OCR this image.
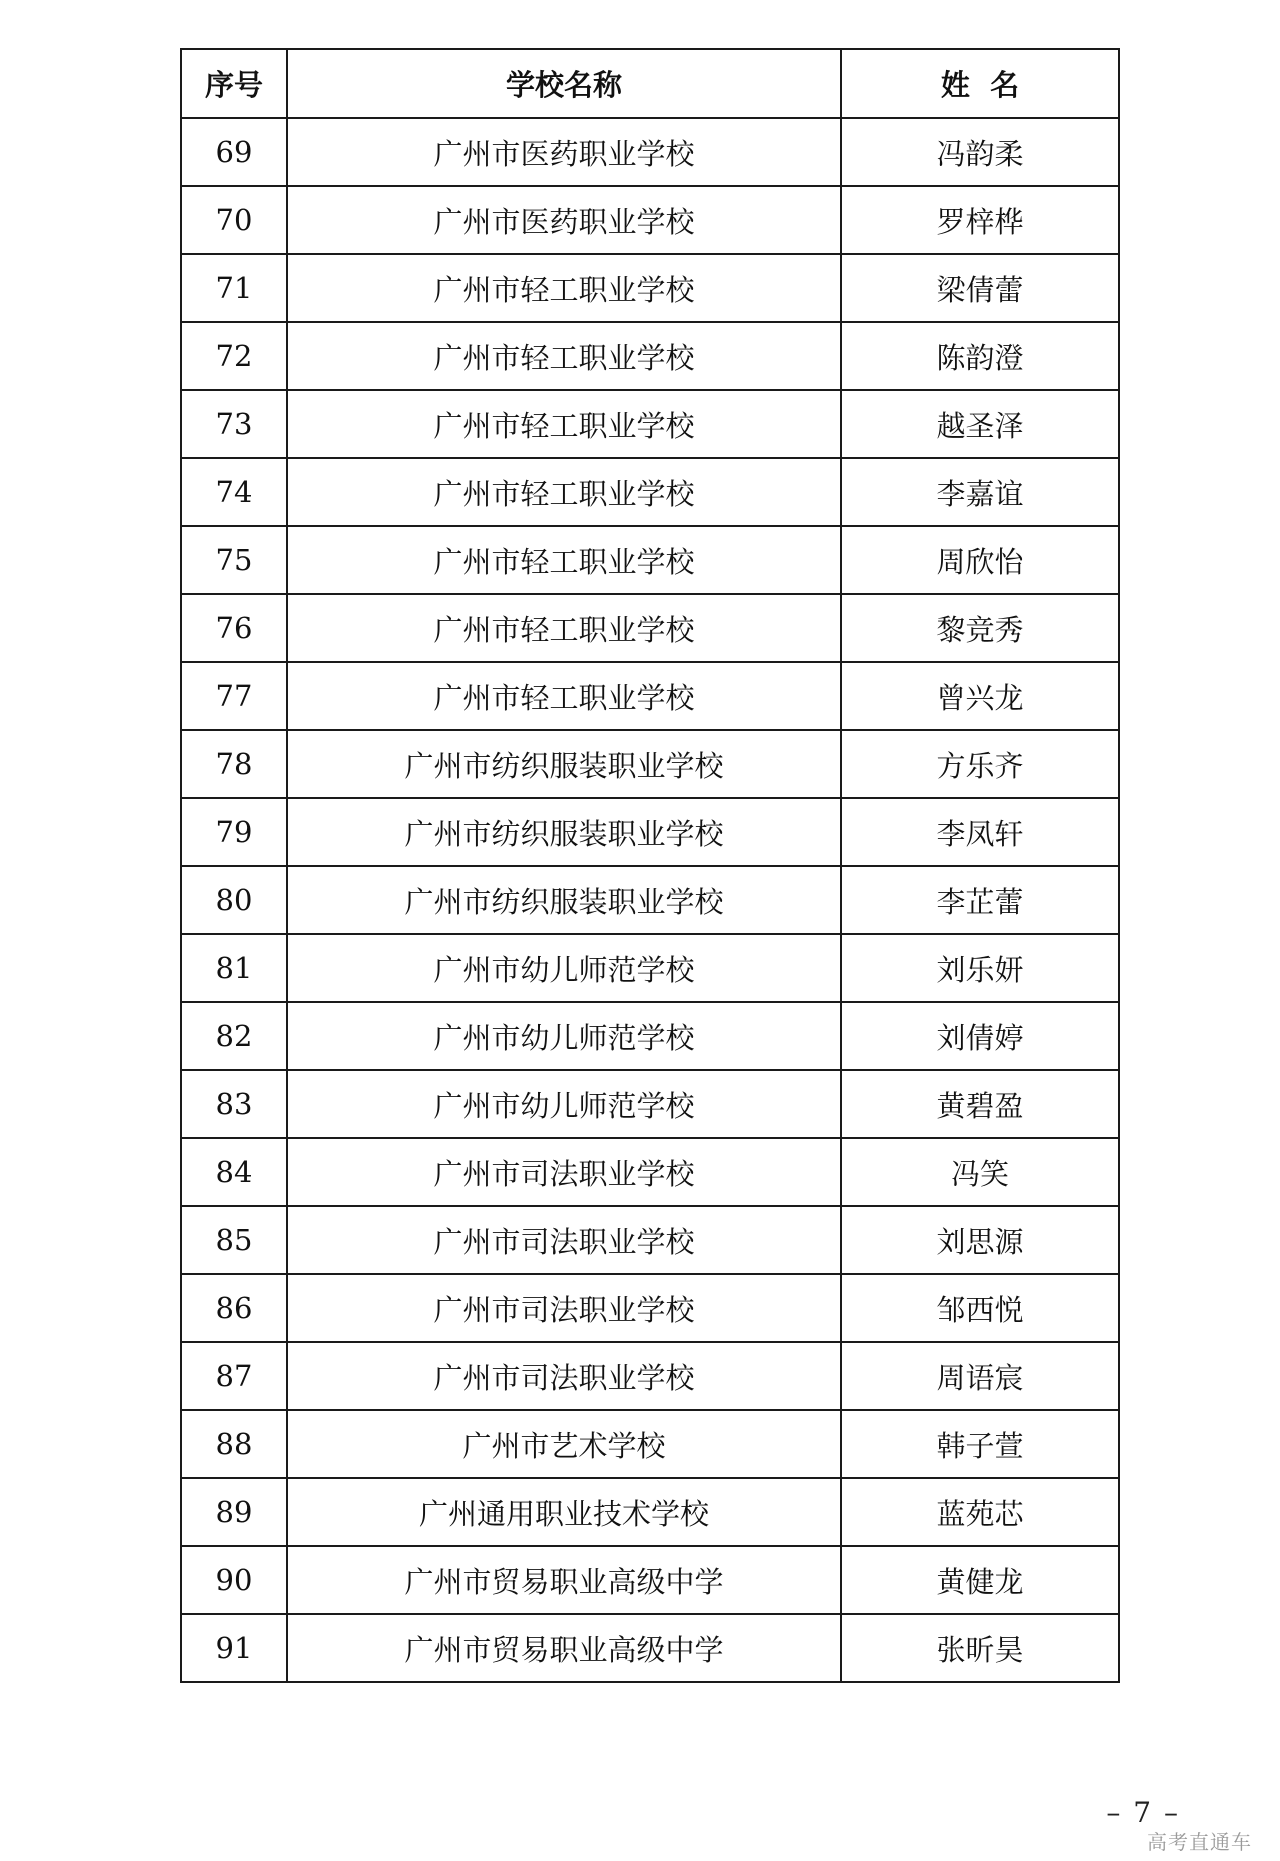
序号	学校名称	姓  名
69	广州市医药职业学校	冯韵柔
70	广州市医药职业学校	罗梓桦
71	广州市轻工职业学校	梁倩蕾
72	广州市轻工职业学校	陈韵澄
73	广州市轻工职业学校	越圣泽
74	广州市轻工职业学校	李嘉谊
75	广州市轻工职业学校	周欣怡
76	广州市轻工职业学校	黎竞秀
77	广州市轻工职业学校	曾兴龙
78	广州市纺织服装职业学校	方乐齐
79	广州市纺织服装职业学校	李凤轩
80	广州市纺织服装职业学校	李芷蕾
81	广州市幼儿师范学校	刘乐妍
82	广州市幼儿师范学校	刘倩婷
83	广州市幼儿师范学校	黄碧盈
84	广州市司法职业学校	冯笑
85	广州市司法职业学校	刘思源
86	广州市司法职业学校	邹西悦
87	广州市司法职业学校	周语宸
88	广州市艺术学校	韩子萱
89	广州通用职业技术学校	蓝苑芯
90	广州市贸易职业高级中学	黄健龙
91	广州市贸易职业高级中学	张昕昊
– 7 –
高考直通车
